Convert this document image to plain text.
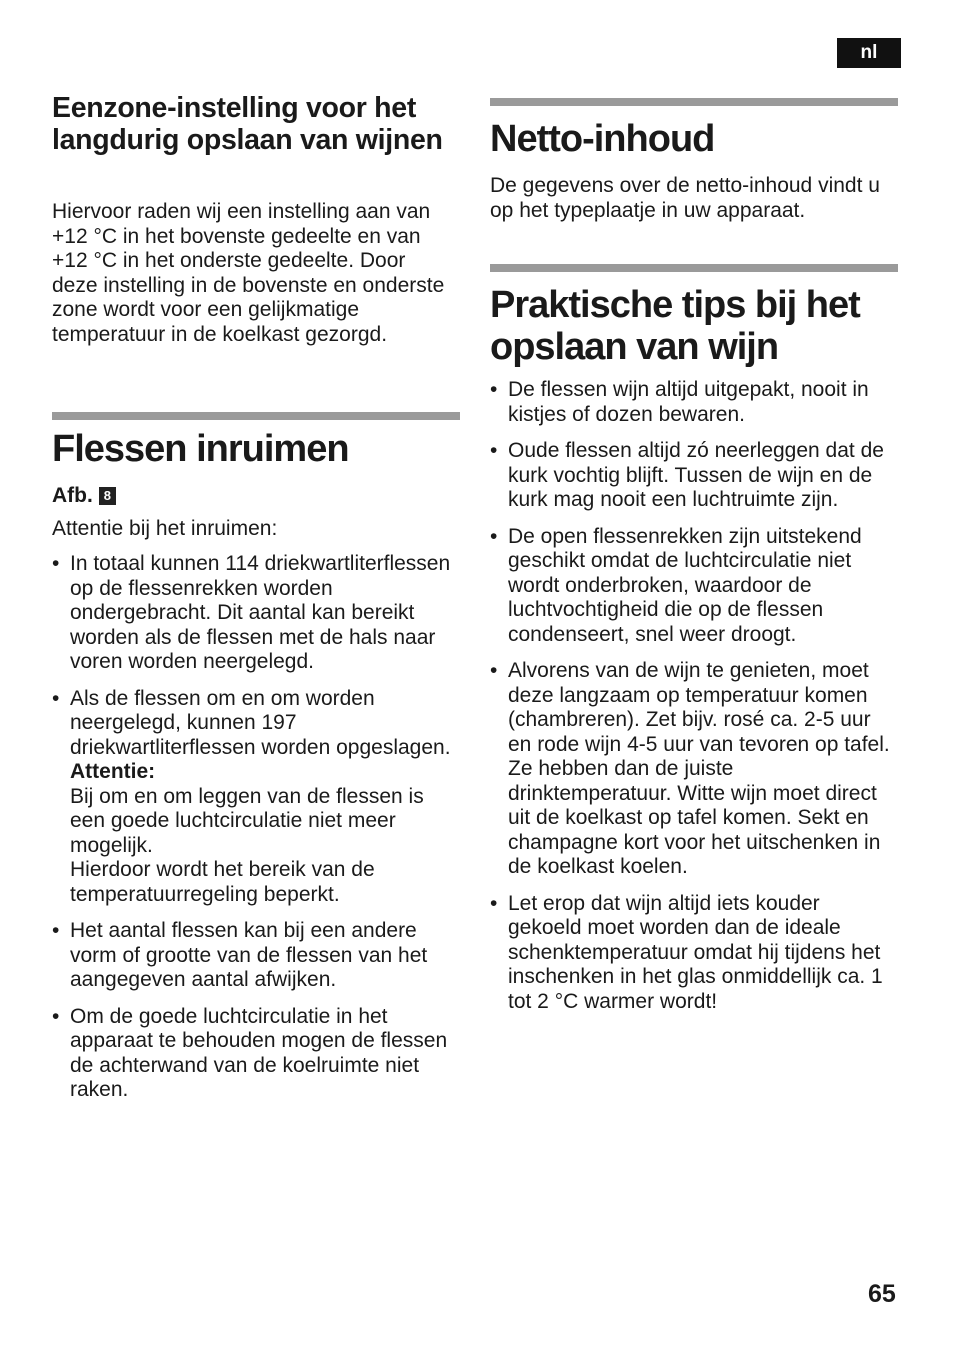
nl
Eenzone-instelling voor het langdurig opslaan van wijnen

Hiervoor raden wij een instelling aan van +12 °C in het bovenste gedeelte en van +12 °C in het onderste gedeelte. Door deze instelling in de bovenste en onderste zone wordt voor een gelijkmatige temperatuur in de koelkast gezorgd.

Flessen inruimen
Afb. 8

Attentie bij het inruimen:

• In totaal kunnen 114 driekwartliterflessen op de flessenrekken worden ondergebracht. Dit aantal kan bereikt worden als de flessen met de hals naar voren worden neergelegd.
• Als de flessen om en om worden neergelegd, kunnen 197 driekwartliterflessen worden opgeslagen.
Attentie:
Bij om en om leggen van de flessen is een goede luchtcirculatie niet meer mogelijk.
Hierdoor wordt het bereik van de temperatuurregeling beperkt.
• Het aantal flessen kan bij een andere vorm of grootte van de flessen van het aangegeven aantal afwijken.
• Om de goede luchtcirculatie in het apparaat te behouden mogen de flessen de achterwand van de koelruimte niet raken.
Netto-inhoud

De gegevens over de netto-inhoud vindt u op het typeplaatje in uw apparaat.

Praktische tips bij het opslaan van wijn
• De flessen wijn altijd uitgepakt, nooit in kistjes of dozen bewaren.
• Oude flessen altijd zó neerleggen dat de kurk vochtig blijft. Tussen de wijn en de kurk mag nooit een luchtruimte zijn.
• De open flessenrekken zijn uitstekend geschikt omdat de luchtcirculatie niet wordt onderbroken, waardoor de luchtvochtigheid die op de flessen condenseert, snel weer droogt.
• Alvorens van de wijn te genieten, moet deze langzaam op temperatuur komen (chambreren). Zet bijv. rosé ca. 2-5 uur en rode wijn 4-5 uur van tevoren op tafel. Ze hebben dan de juiste drinktemperatuur. Witte wijn moet direct uit de koelkast op tafel komen. Sekt en champagne kort voor het uitschenken in de koelkast koelen.
• Let erop dat wijn altijd iets kouder gekoeld moet worden dan de ideale schenktemperatuur omdat hij tijdens het inschenken in het glas onmiddellijk ca. 1 tot 2 °C warmer wordt!
65
